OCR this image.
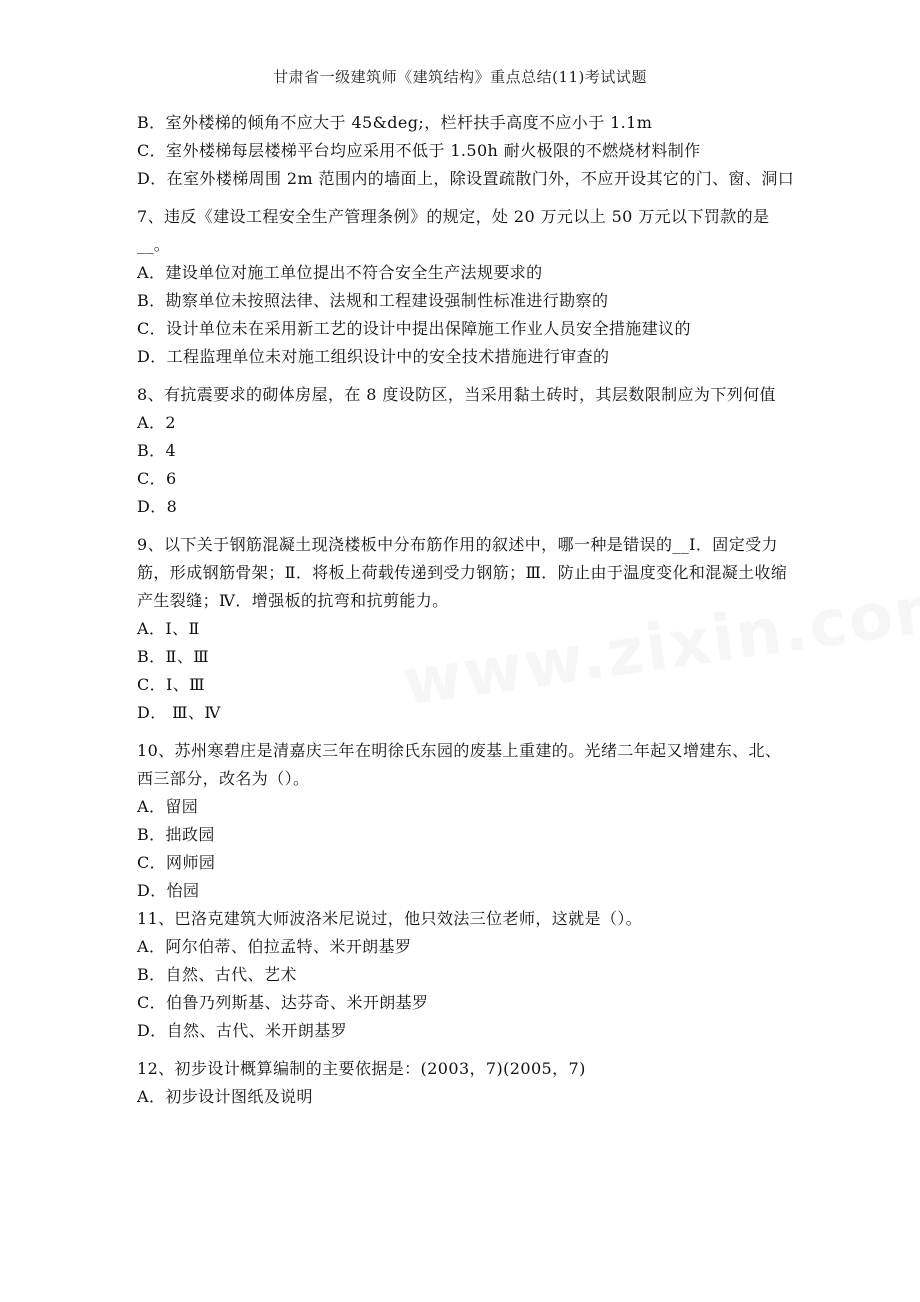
甘肃省一级建筑师《建筑结构》重点总结(11)考试试题

B．室外楼梯的倾角不应大于 45&deg;，栏杆扶手高度不应小于 1.1m

C．室外楼梯每层楼梯平台均应采用不低于 1.50h 耐火极限的不燃烧材料制作

D．在室外楼梯周围 2m 范围内的墙面上，除设置疏散门外，不应开设其它的门、窗、洞口

7、违反《建设工程安全生产管理条例》的规定，处 20 万元以上 50 万元以下罚款的是__。

A．建设单位对施工单位提出不符合安全生产法规要求的

B．勘察单位未按照法律、法规和工程建设强制性标准进行勘察的

C．设计单位未在采用新工艺的设计中提出保障施工作业人员安全措施建议的

D．工程监理单位未对施工组织设计中的安全技术措施进行审查的

8、有抗震要求的砌体房屋，在 8 度设防区，当采用黏土砖时，其层数限制应为下列何值

A．2

B．4

C．6

D．8

9、以下关于钢筋混凝土现浇楼板中分布筋作用的叙述中，哪一种是错误的__Ⅰ．固定受力筋，形成钢筋骨架；Ⅱ．将板上荷载传递到受力钢筋；Ⅲ．防止由于温度变化和混凝土收缩产生裂缝；Ⅳ．增强板的抗弯和抗剪能力。

A．Ⅰ、Ⅱ

B．Ⅱ、Ⅲ

C．Ⅰ、Ⅲ

D． Ⅲ、Ⅳ

10、苏州寒碧庄是清嘉庆三年在明徐氏东园的废基上重建的。光绪二年起又增建东、北、西三部分，改名为（）。

A．留园

B．拙政园

C．网师园

D．怡园

11、巴洛克建筑大师波洛米尼说过，他只效法三位老师，这就是（）。

A．阿尔伯蒂、伯拉孟特、米开朗基罗

B．自然、古代、艺术

C．伯鲁乃列斯基、达芬奇、米开朗基罗

D．自然、古代、米开朗基罗

12、初步设计概算编制的主要依据是：(2003，7)(2005，7)

A．初步设计图纸及说明
